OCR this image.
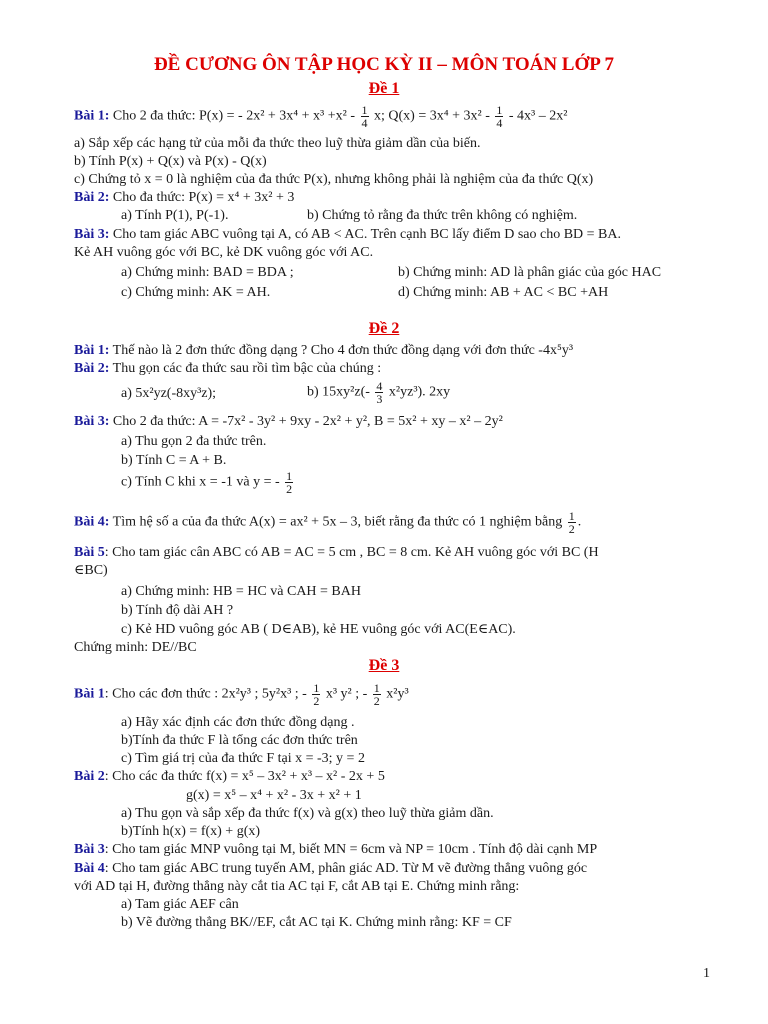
ĐỀ CƯƠNG ÔN TẬP HỌC KỲ II – MÔN TOÁN LỚP 7
Đề 1
Bài 1: Cho 2 đa thức: P(x) = - $2x^2 + 3x^4 + x^3 +x^2 - \frac{1}{4} x$; $Q(x) = 3x^4 + 3x^2 - \frac{1}{4} - 4x^3 - 2x^2$
a) Sắp xếp các hạng tử của mỗi đa thức theo luỹ thừa giảm dần của biến.
b) Tính P(x) + Q(x) và P(x) - Q(x)
c) Chứng tỏ x = 0 là nghiệm của đa thức P(x), nhưng không phải là nghiệm của đa thức Q(x)
Bài 2: Cho đa thức: P(x) = x⁴ + 3x² + 3
a) Tính P(1), P(-1).	b) Chứng tỏ rằng đa thức trên không có nghiệm.
Bài 3: Cho tam giác ABC vuông tại A, có AB < AC. Trên cạnh BC lấy điểm D sao cho BD = BA.
Kẻ AH vuông góc với BC, kẻ DK vuông góc với AC.
a) Chứng minh: BAD = BDA ;	b) Chứng minh: AD là phân giác của góc HAC
c) Chứng minh: AK = AH.	d) Chứng minh: AB + AC < BC +AH
Đề 2
Bài 1: Thế nào là 2 đơn thức đồng dạng ? Cho 4 đơn thức đồng dạng với đơn thức -4x⁵y³
Bài 2: Thu gọn các đa thức sau rồi tìm bậc của chúng :
a) 5x²yz(-8xy³z);	b) $15xy^2z(- \frac{4}{3} x^2yz^3)$. 2xy
Bài 3: Cho 2 đa thức: A = -7x² - 3y² + 9xy - 2x² + y², B = 5x² + xy – x² – 2y²
a) Thu gọn 2 đa thức trên.
b) Tính C = A + B.
c) Tính C khi x = -1 và y = - $\frac{1}{2}$
Bài 4: Tìm hệ số a của đa thức A(x) = ax² + 5x – 3, biết rằng đa thức có 1 nghiệm bằng $\frac{1}{2}$ .
Bài 5: Cho tam giác cân ABC có AB = AC = 5 cm , BC = 8 cm. Kẻ AH vuông góc với BC (H
∈BC)
a) Chứng minh: HB = HC và CAH = BAH
b) Tính độ dài AH ?
c) Kẻ HD vuông góc AB ( D∈AB), kẻ HE vuông góc với AC(E∈AC).
Chứng minh: DE//BC
Đề 3
Bài 1: Cho các đơn thức : 2x²y³ ; 5y²x³ ; - $\frac{1}{2} x^3$ y² ; - $\frac{1}{2} x^2y^3$
a) Hãy xác định các đơn thức đồng dạng .
b)Tính đa thức F là tổng các đơn thức trên
c) Tìm giá trị của đa thức F tại x = -3; y = 2
Bài 2: Cho các đa thức f(x) = x⁵ – 3x² + x³ – x² - 2x + 5
g(x) = x⁵ – x⁴ + x² - 3x + x² + 1
a) Thu gọn và sắp xếp đa thức f(x) và g(x) theo luỹ thừa giảm dần.
b)Tính h(x) = f(x) + g(x)
Bài 3: Cho tam giác MNP vuông tại M, biết MN = 6cm và NP = 10cm . Tính độ dài cạnh MP
Bài 4: Cho tam giác ABC trung tuyến AM, phân giác AD. Từ M vẽ đường thẳng vuông góc
với AD tại H, đường thẳng này cắt tia AC tại F, cắt AB tại E. Chứng minh rằng:
a) Tam giác AEF cân
b) Vẽ đường thẳng BK//EF, cắt AC tại K. Chứng minh rằng: KF = CF
1
